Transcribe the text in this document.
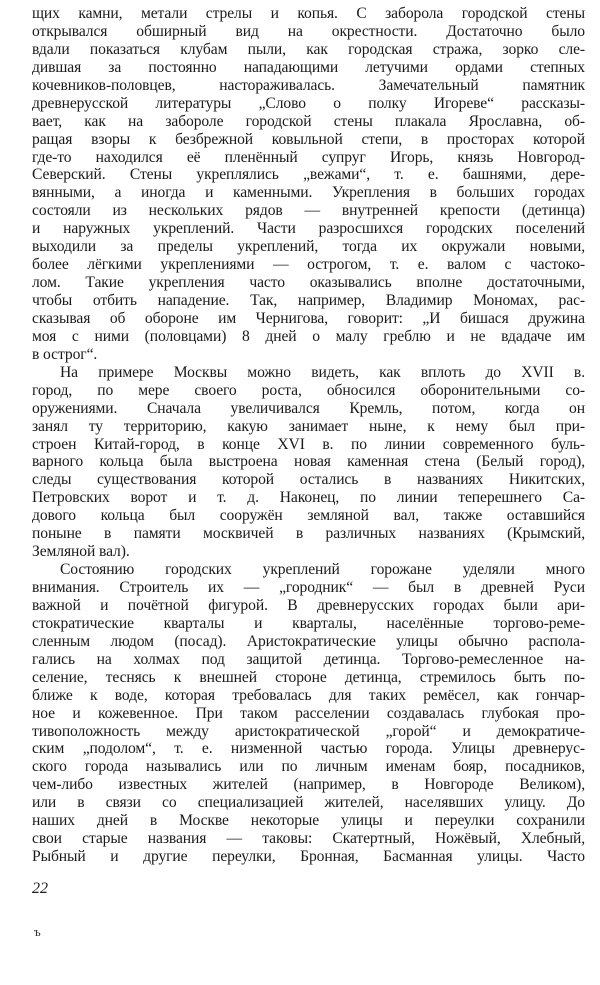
щих камни, метали стрелы и копья. С заборола городской стены
открывался обширный вид на окрестности. Достаточно было
вдали показаться клубам пыли, как городская стража, зорко сле-
дившая за постоянно нападающими летучими ордами степных
кочевников-половцев, настораживалась. Замечательный памятник
древнерусской литературы „Слово о полку Игореве“ рассказы-
вает, как на забороле городской стены плакала Ярославна, об-
ращая взоры к безбрежной ковыльной степи, в просторах которой
где-то находился её пленённый супруг Игорь, князь Новгород-
Северский. Стены укреплялись „вежами“, т. е. башнями, дере-
вянными, а иногда и каменными. Укрепления в больших городах
состояли из нескольких рядов — внутренней крепости (детинца)
и наружных укреплений. Части разросшихся городских поселений
выходили за пределы укреплений, тогда их окружали новыми,
более лёгкими укреплениями — острогом, т. е. валом с частоко-
лом. Такие укрепления часто оказывались вполне достаточными,
чтобы отбить нападение. Так, например, Владимир Мономах, рас-
сказывая об обороне им Чернигова, говорит: „И бишася дружина
моя с ними (половцами) 8 дней о малу греблю и не вдадаче им
в острог“.
На примере Москвы можно видеть, как вплоть до XVII в.
город, по мере своего роста, обносился оборонительными со-
оружениями. Сначала увеличивался Кремль, потом, когда он
занял ту территорию, какую занимает ныне, к нему был при-
строен Китай-город, в конце XVI в. по линии современного буль-
варного кольца была выстроена новая каменная стена (Белый город),
следы существования которой остались в названиях Никитских,
Петровских ворот и т. д. Наконец, по линии теперешнего Са-
дового кольца был сооружён земляной вал, также оставшийся
поныне в памяти москвичей в различных названиях (Крымский,
Земляной вал).
Состоянию городских укреплений горожане уделяли много
внимания. Строитель их — „городник“ — был в древней Руси
важной и почётной фигурой. В древнерусских городах были ари-
стократические кварталы и кварталы, населённые торгово-реме-
сленным людом (посад). Аристократические улицы обычно распола-
гались на холмах под защитой детинца. Торгово-ремесленное на-
селение, теснясь к внешней стороне детинца, стремилось быть по-
ближе к воде, которая требовалась для таких ремёсел, как гончар-
ное и кожевенное. При таком расселении создавалась глубокая про-
тивоположность между аристократической „горой“ и демократиче-
ским „подолом“, т. е. низменной частью города. Улицы древнерус-
ского города назывались или по личным именам бояр, посадников,
чем-либо известных жителей (например, в Новгороде Великом),
или в связи со специализацией жителей, населявших улицу. До
наших дней в Москве некоторые улицы и переулки сохранили
свои старые названия — таковы: Скатертный, Ножёвый, Хлебный,
Рыбный и другие переулки, Бронная, Басманная улицы. Часто
22
ъ
